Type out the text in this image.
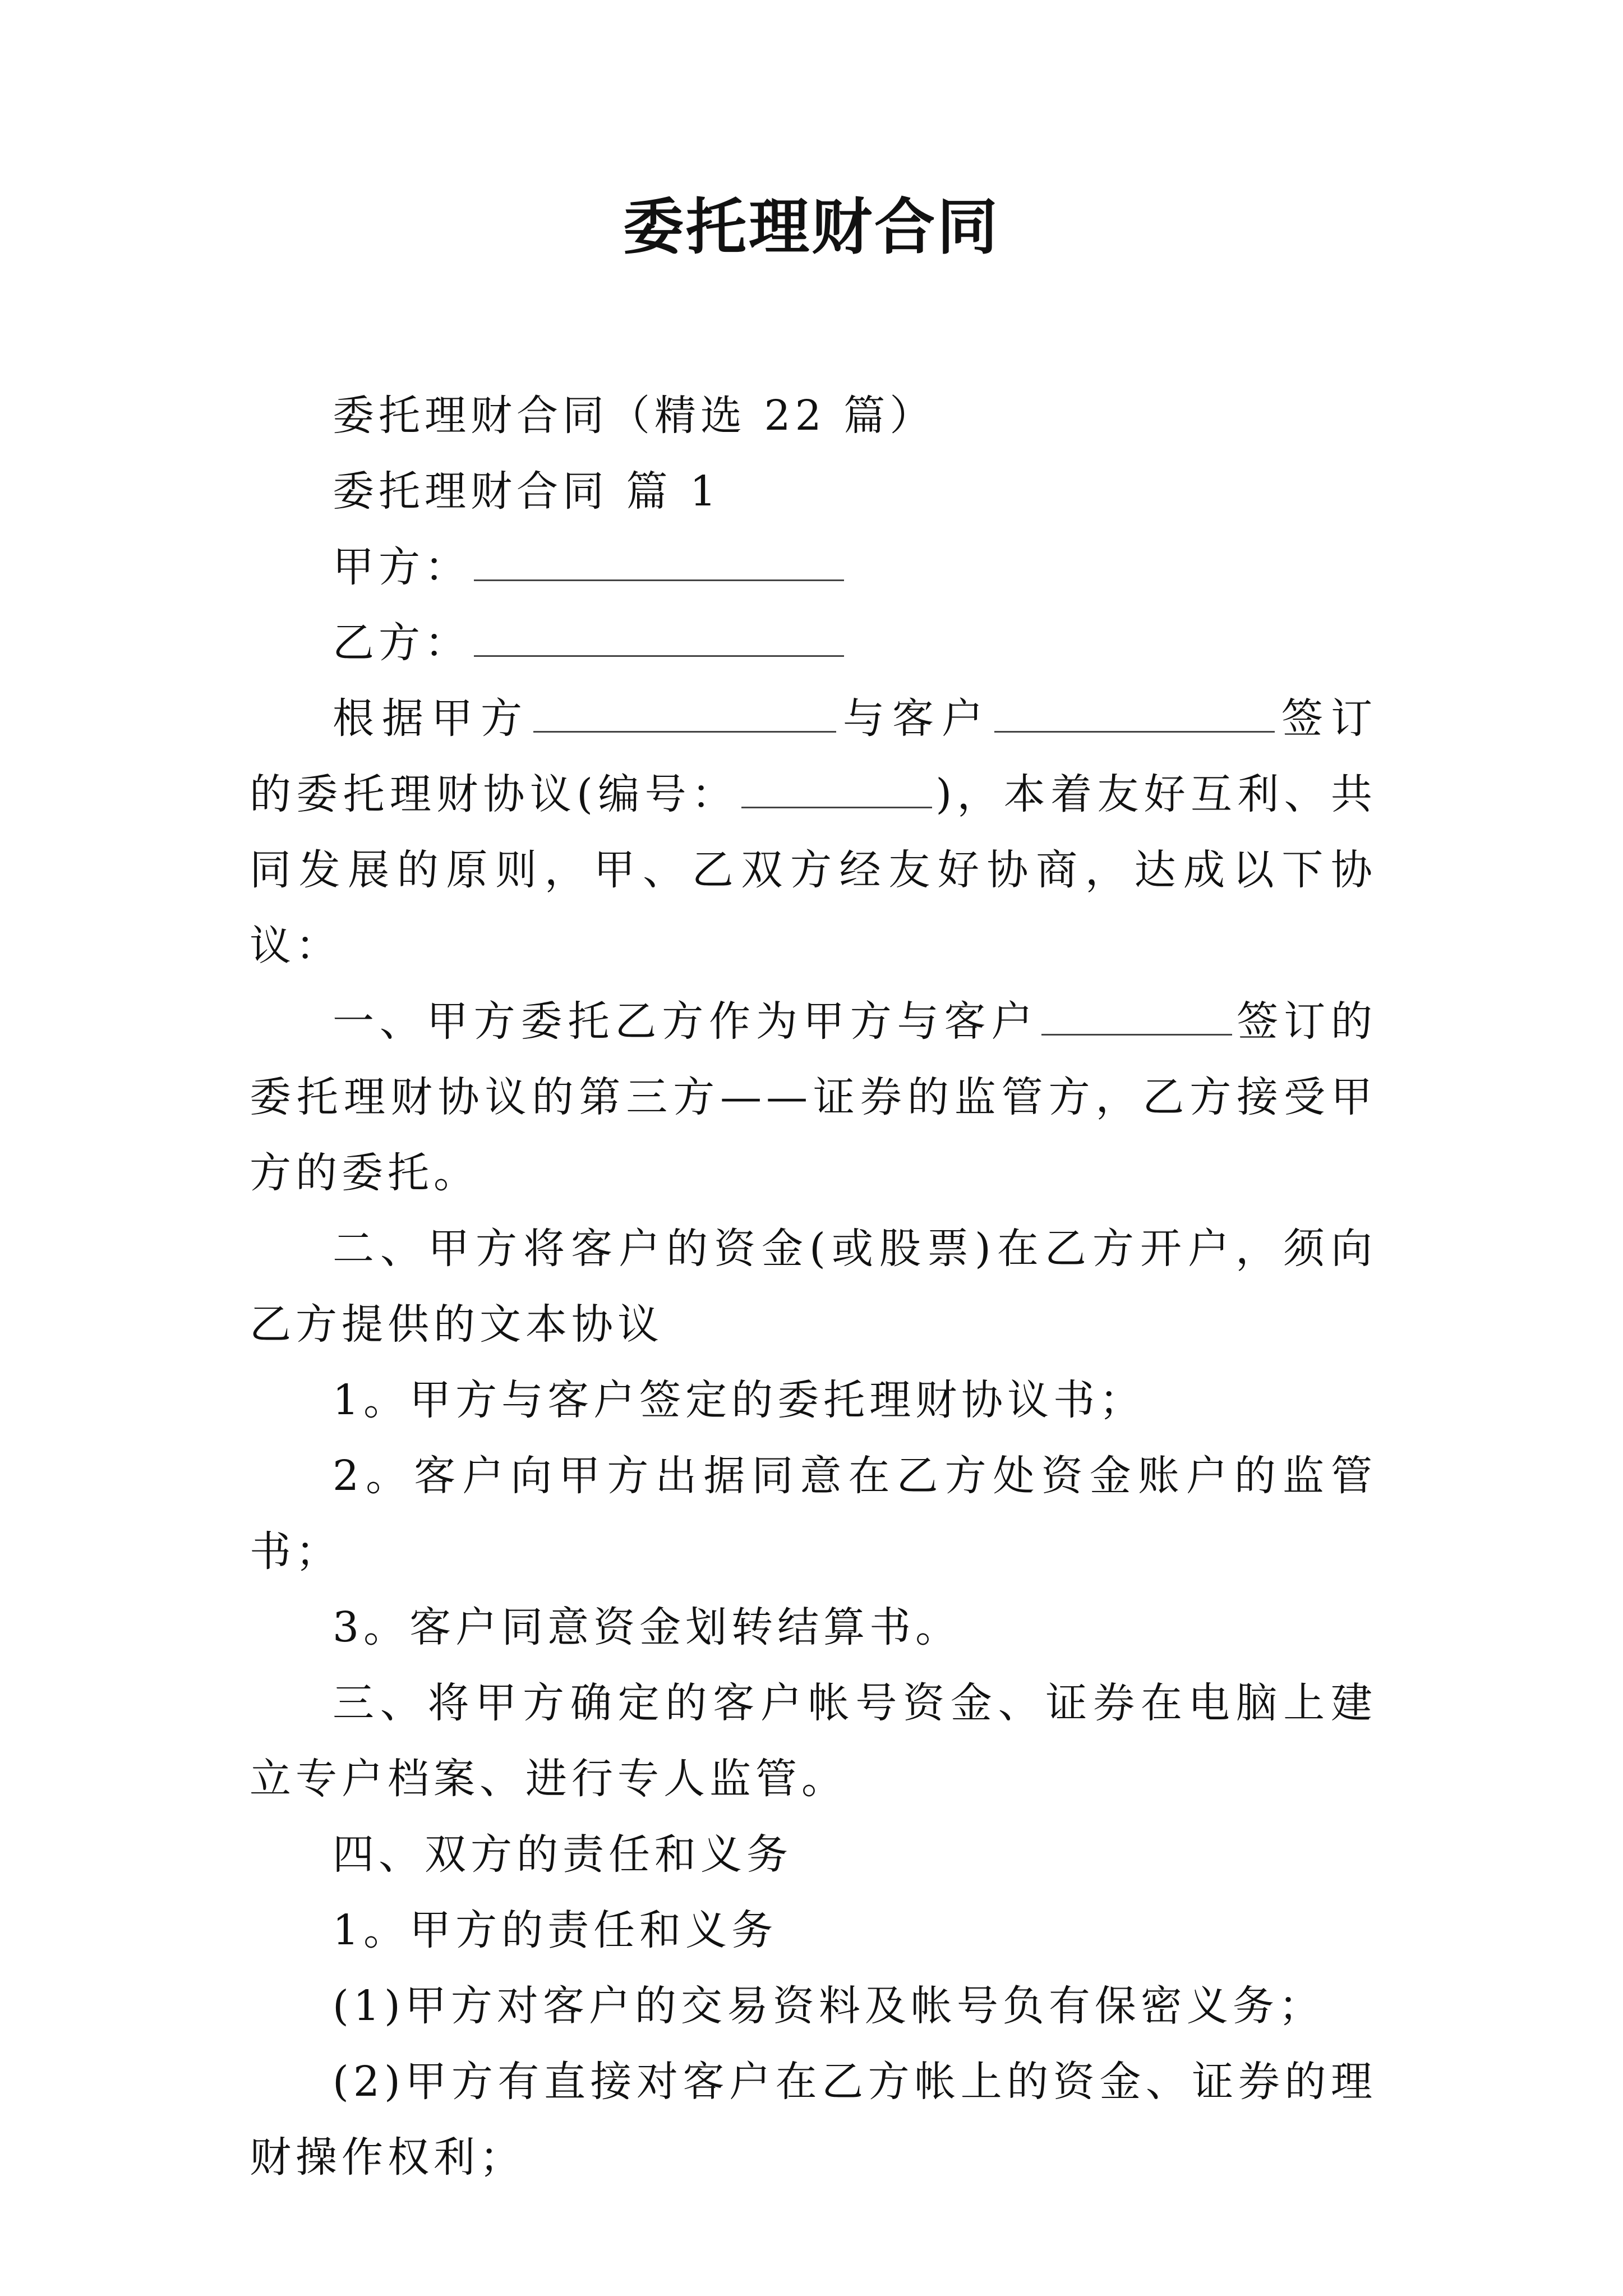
委托理财合同

委托理财合同（精选 22 篇）

委托理财合同 篇 1

甲方：

乙方：

根据甲方	与客户	签订的委托理财协议(编号：	)，本着友好互利、共同发展的原则，甲、乙双方经友好协商，达成以下协议：

一、甲方委托乙方作为甲方与客户	签订的委托理财协议的第三方——证券的监管方，乙方接受甲方的委托。

二、甲方将客户的资金(或股票)在乙方开户，须向乙方提供的文本协议

1。甲方与客户签定的委托理财协议书；

2。客户向甲方出据同意在乙方处资金账户的监管书；

3。客户同意资金划转结算书。

三、将甲方确定的客户帐号资金、证券在电脑上建立专户档案、进行专人监管。

四、双方的责任和义务

1。甲方的责任和义务

(1)甲方对客户的交易资料及帐号负有保密义务；

(2)甲方有直接对客户在乙方帐上的资金、证券的理财操作权利；
